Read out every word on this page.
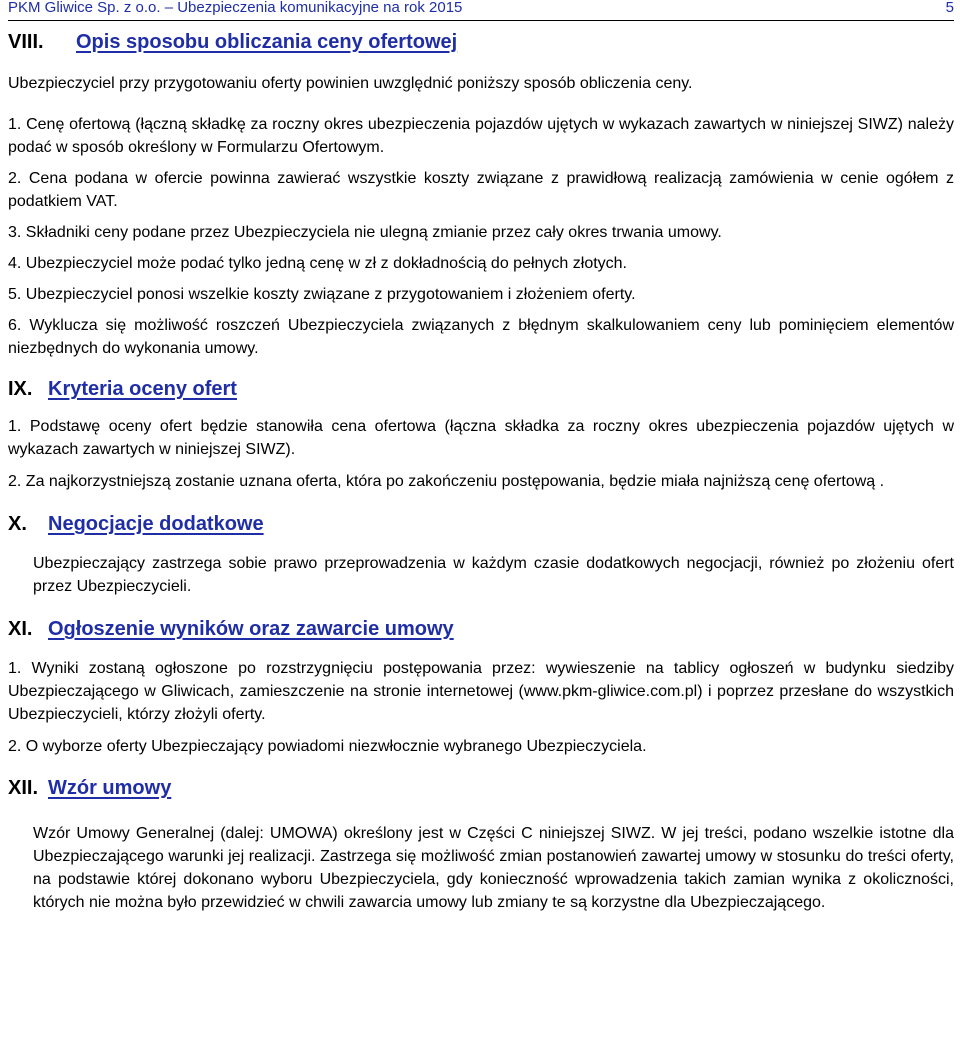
PKM Gliwice Sp. z o.o. – Ubezpieczenia komunikacyjne na rok 2015	5
VIII. Opis sposobu obliczania ceny ofertowej

Ubezpieczyciel przy przygotowaniu oferty powinien uwzględnić poniższy sposób obliczenia ceny.

1. Cenę ofertową (łączną składkę za roczny okres ubezpieczenia pojazdów ujętych w wykazach zawartych w niniejszej SIWZ) należy podać w sposób określony w Formularzu Ofertowym.

2. Cena podana w ofercie powinna zawierać wszystkie koszty związane z prawidłową realizacją zamówienia w cenie ogółem z podatkiem VAT.

3. Składniki ceny podane przez Ubezpieczyciela nie ulegną zmianie przez cały okres trwania umowy.

4. Ubezpieczyciel może podać tylko jedną cenę w zł z dokładnością do pełnych złotych.

5. Ubezpieczyciel ponosi wszelkie koszty związane z przygotowaniem i złożeniem oferty.

6. Wyklucza się możliwość roszczeń Ubezpieczyciela związanych z błędnym skalkulowaniem ceny lub pominięciem elementów niezbędnych do wykonania umowy.

IX. Kryteria oceny ofert

1. Podstawę oceny ofert będzie stanowiła cena ofertowa (łączna składka za roczny okres ubezpieczenia pojazdów ujętych w wykazach zawartych w niniejszej SIWZ).

2. Za najkorzystniejszą zostanie uznana oferta, która po zakończeniu postępowania, będzie miała najniższą cenę ofertową .

X. Negocjacje dodatkowe

Ubezpieczający zastrzega sobie prawo przeprowadzenia w każdym czasie dodatkowych negocjacji, również po złożeniu ofert przez Ubezpieczycieli.

XI. Ogłoszenie wyników oraz zawarcie umowy

1. Wyniki zostaną ogłoszone po rozstrzygnięciu postępowania przez: wywieszenie na tablicy ogłoszeń w budynku siedziby Ubezpieczającego w Gliwicach, zamieszczenie na stronie internetowej (www.pkm-gliwice.com.pl) i poprzez przesłane do wszystkich Ubezpieczycieli, którzy złożyli oferty.

2. O wyborze oferty Ubezpieczający powiadomi niezwłocznie wybranego Ubezpieczyciela.

XII. Wzór umowy

Wzór Umowy Generalnej (dalej: UMOWA) określony jest w Części C niniejszej SIWZ. W jej treści, podano wszelkie istotne dla Ubezpieczającego warunki jej realizacji. Zastrzega się możliwość zmian postanowień zawartej umowy w stosunku do treści oferty, na podstawie której dokonano wyboru Ubezpieczyciela, gdy konieczność wprowadzenia takich zamian wynika z okoliczności, których nie można było przewidzieć w chwili zawarcia umowy lub zmiany te są korzystne dla Ubezpieczającego.
